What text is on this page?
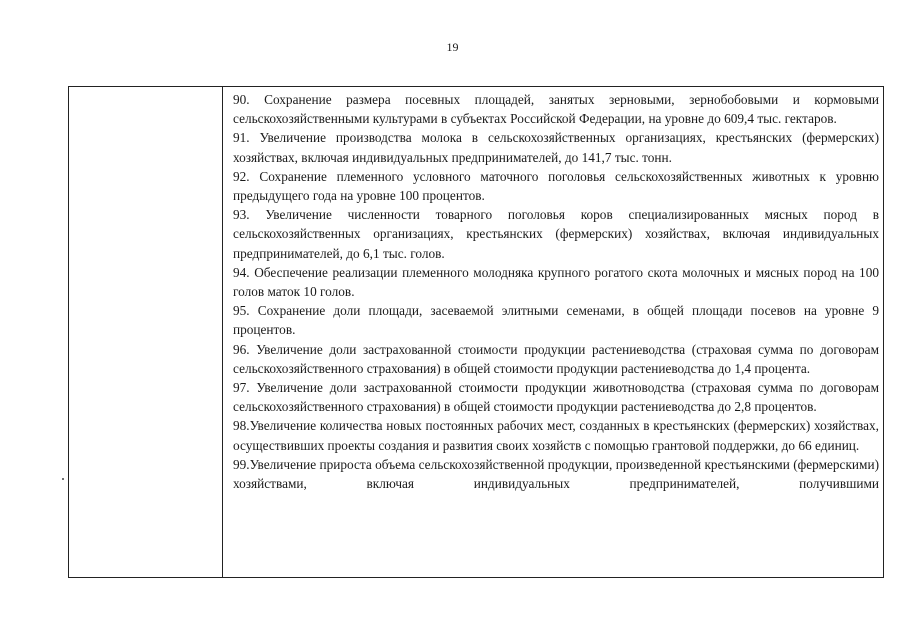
19

90. Сохранение размера посевных площадей, занятых зерновыми, зернобобовыми и кормовыми сельскохозяйственными культурами в субъектах Российской Федерации, на уровне до 609,4 тыс. гектаров.

91. Увеличение производства молока в сельскохозяйственных организациях, крестьянских (фермерских) хозяйствах, включая индивидуальных предпринимателей, до 141,7 тыс. тонн.

92. Сохранение племенного условного маточного поголовья сельскохозяйственных животных к уровню предыдущего года на уровне 100 процентов.

93. Увеличение численности товарного поголовья коров специализированных мясных пород в сельскохозяйственных организациях, крестьянских (фермерских) хозяйствах, включая индивидуальных предпринимателей, до 6,1 тыс. голов.

94. Обеспечение реализации племенного молодняка крупного рогатого скота молочных и мясных пород на 100 голов маток 10 голов.

95. Сохранение доли площади, засеваемой элитными семенами, в общей площади посевов на уровне 9 процентов.

96. Увеличение доли застрахованной стоимости продукции растениеводства (страховая сумма по договорам сельскохозяйственного страхования) в общей стоимости продукции растениеводства до 1,4 процента.

97. Увеличение доли застрахованной стоимости продукции животноводства (страховая сумма по договорам сельскохозяйственного страхования) в общей стоимости продукции растениеводства до 2,8 процентов.

98.Увеличение количества новых постоянных рабочих мест, созданных в крестьянских (фермерских) хозяйствах, осуществивших проекты создания и развития своих хозяйств с помощью грантовой поддержки, до 66 единиц.

99.Увеличение прироста объема сельскохозяйственной продукции, произведенной крестьянскими (фермерскими) хозяйствами, включая индивидуальных предпринимателей, получившими
